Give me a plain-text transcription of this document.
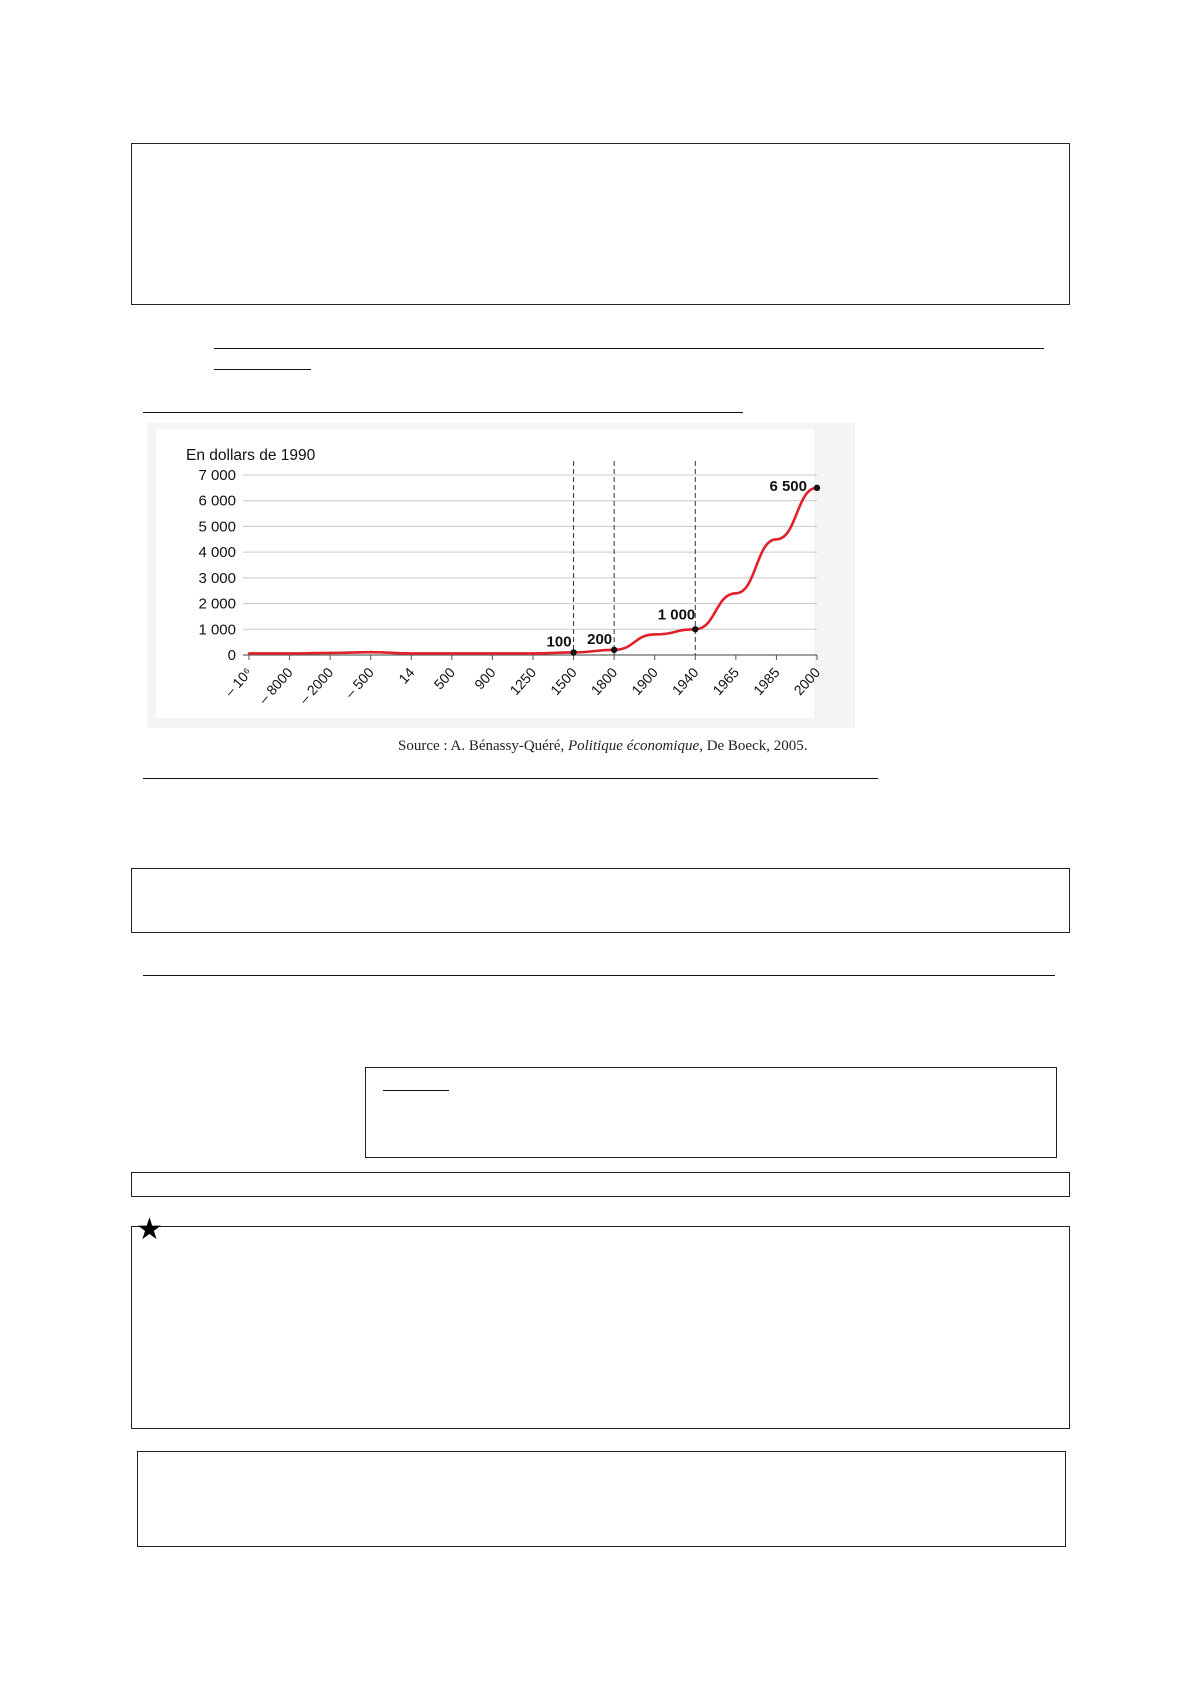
En dollars de 1990
0
1 000
2 000
3 000
4 000
5 000
6 000
7 000
– 10⁶ – 8000 – 2000 – 500 14 500 900 1250 1500 1800 1900 1940 1965 1985 2000
100 200
1 000
6 500
Source : A. Bénassy-Quéré, Politique économique, De Boeck, 2005.
★
